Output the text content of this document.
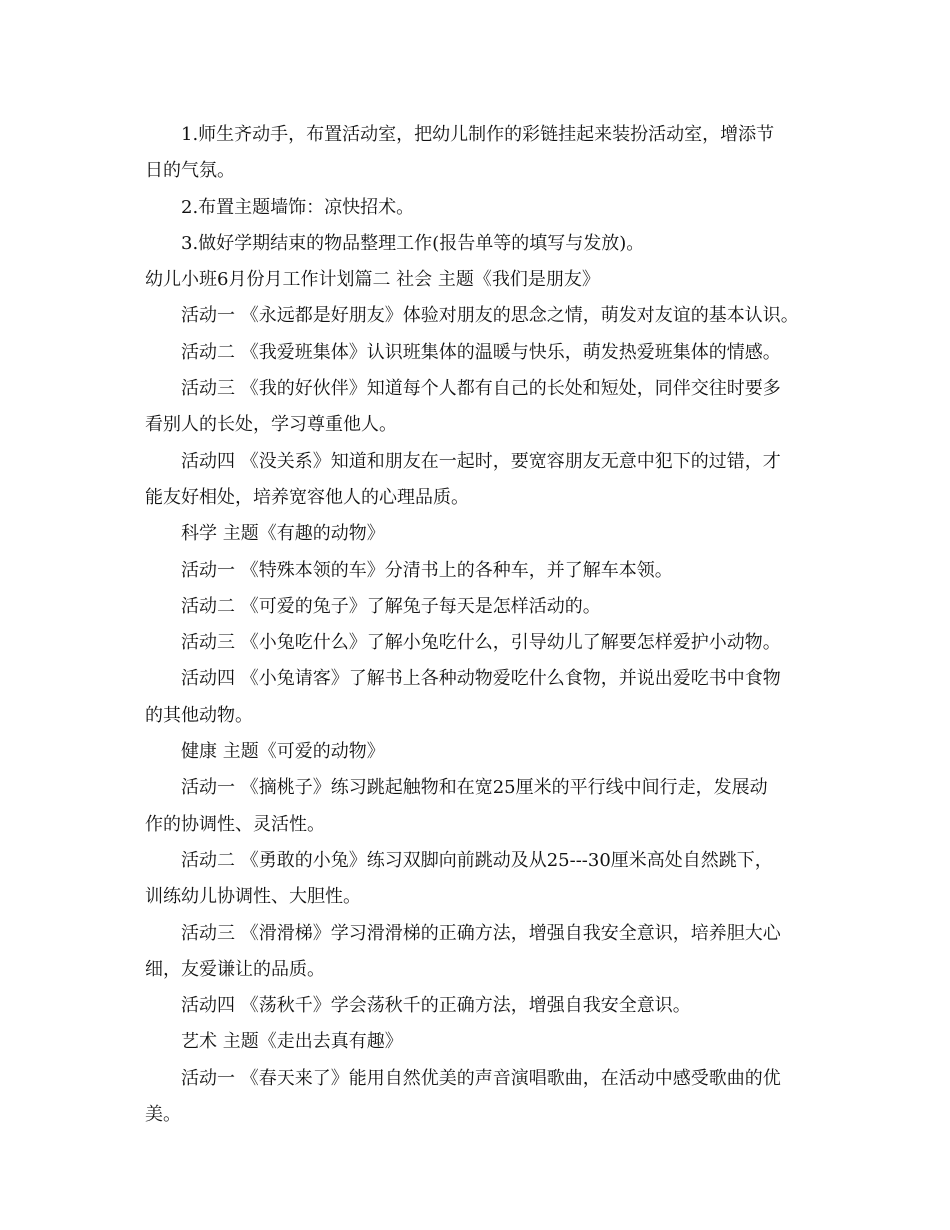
1.师生齐动手，布置活动室，把幼儿制作的彩链挂起来装扮活动室，增添节
日的气氛。
2.布置主题墙饰：凉快招术。
3.做好学期结束的物品整理工作(报告单等的填写与发放)。
幼儿小班6月份月工作计划篇二 社会 主题《我们是朋友》
活动一 《永远都是好朋友》体验对朋友的思念之情，萌发对友谊的基本认识。
活动二 《我爱班集体》认识班集体的温暖与快乐，萌发热爱班集体的情感。
活动三 《我的好伙伴》知道每个人都有自己的长处和短处，同伴交往时要多
看别人的长处，学习尊重他人。
活动四 《没关系》知道和朋友在一起时，要宽容朋友无意中犯下的过错，才
能友好相处，培养宽容他人的心理品质。
科学 主题《有趣的动物》
活动一 《特殊本领的车》分清书上的各种车，并了解车本领。
活动二 《可爱的兔子》了解兔子每天是怎样活动的。
活动三 《小兔吃什么》了解小兔吃什么，引导幼儿了解要怎样爱护小动物。
活动四 《小兔请客》了解书上各种动物爱吃什么食物，并说出爱吃书中食物
的其他动物。
健康 主题《可爱的动物》
活动一 《摘桃子》练习跳起触物和在宽25厘米的平行线中间行走，发展动
作的协调性、灵活性。
活动二 《勇敢的小兔》练习双脚向前跳动及从25---30厘米高处自然跳下，
训练幼儿协调性、大胆性。
活动三 《滑滑梯》学习滑滑梯的正确方法，增强自我安全意识，培养胆大心
细，友爱谦让的品质。
活动四 《荡秋千》学会荡秋千的正确方法，增强自我安全意识。
艺术 主题《走出去真有趣》
活动一 《春天来了》能用自然优美的声音演唱歌曲，在活动中感受歌曲的优
美。
